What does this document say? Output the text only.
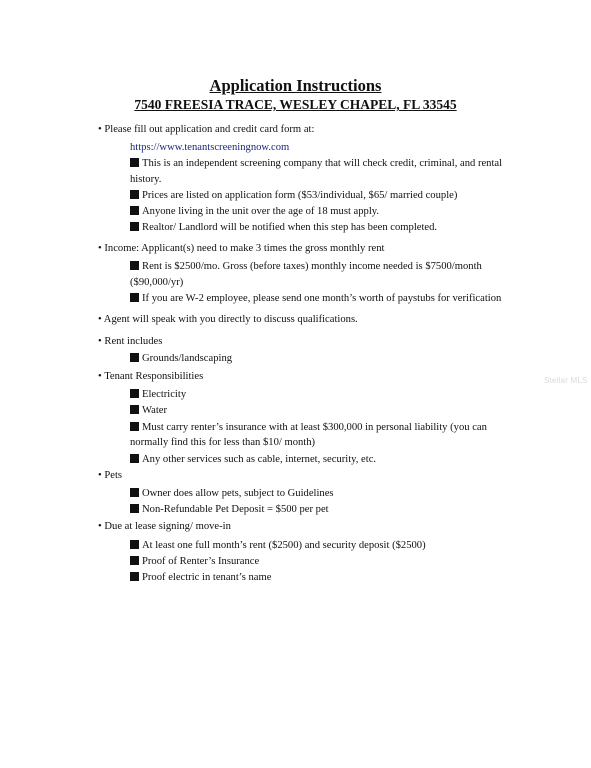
Application Instructions
7540 FREESIA TRACE, WESLEY CHAPEL, FL 33545
• Please fill out application and credit card form at:
https://www.tenantscreeningnow.com
This is an independent screening company that will check credit, criminal, and rental
history.
Prices are listed on application form ($53/individual, $65/ married couple)
Anyone living in the unit over the age of 18 must apply.
Realtor/ Landlord will be notified when this step has been completed.
• Income: Applicant(s) need to make 3 times the gross monthly rent
Rent is $2500/mo. Gross (before taxes) monthly income needed is $7500/month
($90,000/yr)
If you are W-2 employee, please send one month’s worth of paystubs for verification
• Agent will speak with you directly to discuss qualifications.
• Rent includes
Grounds/landscaping
• Tenant Responsibilities
Electricity
Water
Must carry renter’s insurance with at least $300,000 in personal liability (you can
normally find this for less than $10/ month)
Any other services such as cable, internet, security, etc.
• Pets
Owner does allow pets, subject to Guidelines
Non-Refundable Pet Deposit = $500 per pet
• Due at lease signing/ move-in
At least one full month’s rent ($2500) and security deposit ($2500)
Proof of Renter’s Insurance
Proof electric in tenant’s name
Stellar MLS
